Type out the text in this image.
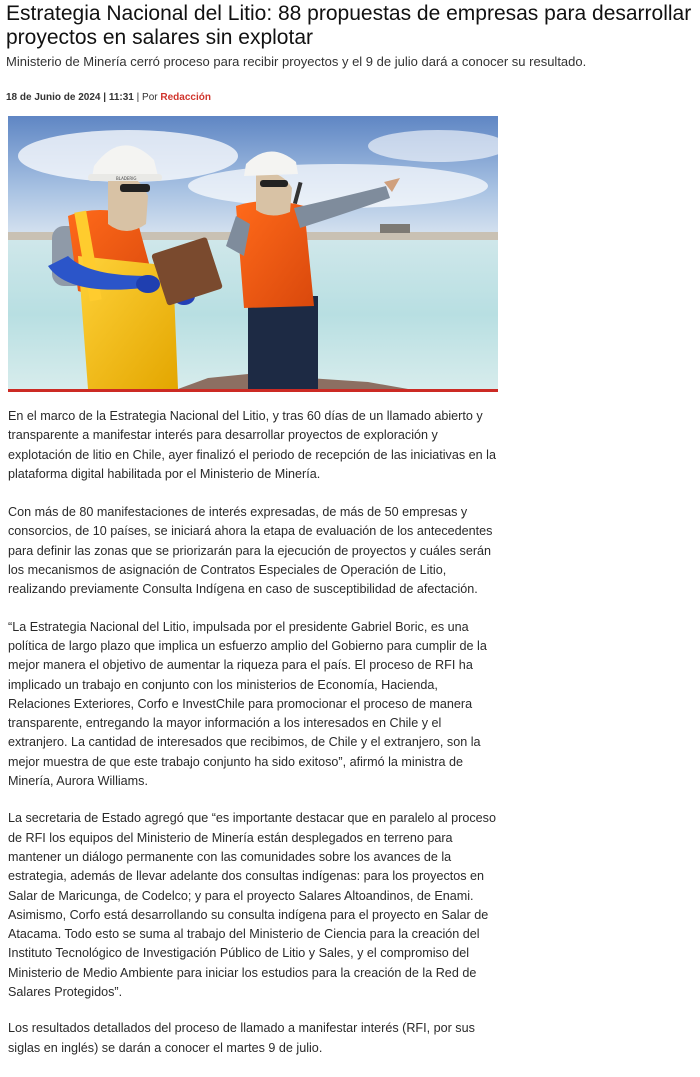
Estrategia Nacional del Litio: 88 propuestas de empresas para desarrollar
proyectos en salares sin explotar

Ministerio de Minería cerró proceso para recibir proyectos y el 9 de julio dará a conocer su resultado.

18 de Junio de 2024 | 11:31 | Por Redacción
BLADERIG

En el marco de la Estrategia Nacional del Litio, y tras 60 días de un llamado abierto y transparente a manifestar interés para desarrollar proyectos de exploración y explotación de litio en Chile, ayer finalizó el periodo de recepción de las iniciativas en la plataforma digital habilitada por el Ministerio de Minería.

Con más de 80 manifestaciones de interés expresadas, de más de 50 empresas y consorcios, de 10 países, se iniciará ahora la etapa de evaluación de los antecedentes para definir las zonas que se priorizarán para la ejecución de proyectos y cuáles serán los mecanismos de asignación de Contratos Especiales de Operación de Litio, realizando previamente Consulta Indígena en caso de susceptibilidad de afectación.

“La Estrategia Nacional del Litio, impulsada por el presidente Gabriel Boric, es una política de largo plazo que implica un esfuerzo amplio del Gobierno para cumplir de la mejor manera el objetivo de aumentar la riqueza para el país. El proceso de RFI ha implicado un trabajo en conjunto con los ministerios de Economía, Hacienda, Relaciones Exteriores, Corfo e InvestChile para promocionar el proceso de manera transparente, entregando la mayor información a los interesados en Chile y el extranjero. La cantidad de interesados que recibimos, de Chile y el extranjero, son la mejor muestra de que este trabajo conjunto ha sido exitoso”, afirmó la ministra de Minería, Aurora Williams.

La secretaria de Estado agregó que “es importante destacar que en paralelo al proceso de RFI los equipos del Ministerio de Minería están desplegados en terreno para mantener un diálogo permanente con las comunidades sobre los avances de la estrategia, además de llevar adelante dos consultas indígenas: para los proyectos en Salar de Maricunga, de Codelco; y para el proyecto Salares Altoandinos, de Enami. Asimismo, Corfo está desarrollando su consulta indígena para el proyecto en Salar de Atacama. Todo esto se suma al trabajo del Ministerio de Ciencia para la creación del Instituto Tecnológico de Investigación Público de Litio y Sales, y el compromiso del Ministerio de Medio Ambiente para iniciar los estudios para la creación de la Red de Salares Protegidos”.

Los resultados detallados del proceso de llamado a manifestar interés (RFI, por sus siglas en inglés) se darán a conocer el martes 9 de julio.
